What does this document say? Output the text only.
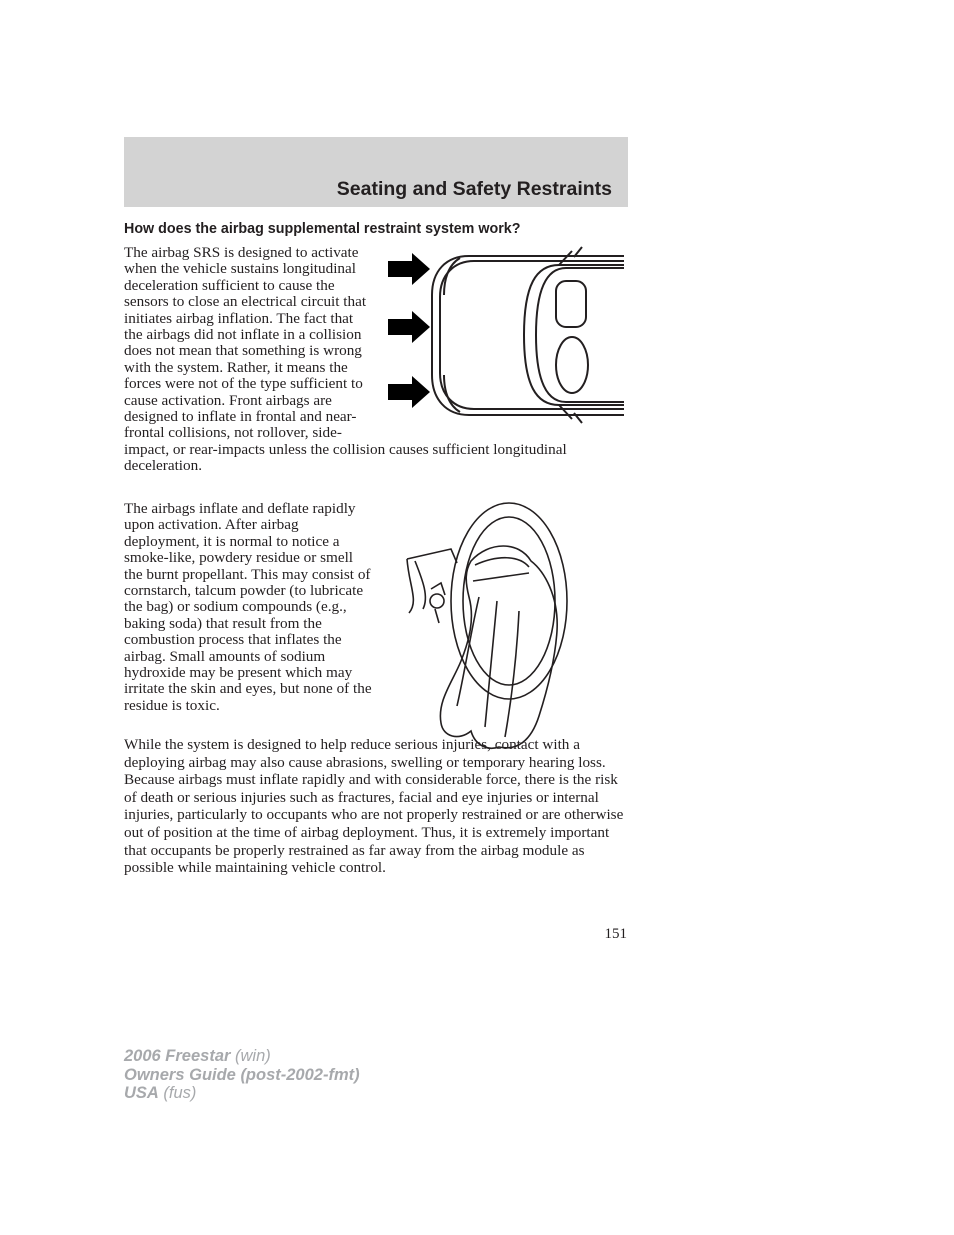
Seating and Safety Restraints
How does the airbag supplemental restraint system work?
The airbag SRS is designed to activate when the vehicle sustains longitudinal deceleration sufficient to cause the sensors to close an electrical circuit that initiates airbag inflation. The fact that the airbags did not inflate in a collision does not mean that something is wrong with the system. Rather, it means the forces were not of the type sufficient to cause activation. Front airbags are designed to inflate in frontal and near-frontal collisions, not rollover, side-impact, or rear-impacts unless the collision causes sufficient longitudinal deceleration.
The airbags inflate and deflate rapidly upon activation. After airbag deployment, it is normal to notice a smoke-like, powdery residue or smell the burnt propellant. This may consist of cornstarch, talcum powder (to lubricate the bag) or sodium compounds (e.g., baking soda) that result from the combustion process that inflates the airbag. Small amounts of sodium hydroxide may be present which may irritate the skin and eyes, but none of the residue is toxic.
While the system is designed to help reduce serious injuries, contact with a deploying airbag may also cause abrasions, swelling or temporary hearing loss. Because airbags must inflate rapidly and with considerable force, there is the risk of death or serious injuries such as fractures, facial and eye injuries or internal injuries, particularly to occupants who are not properly restrained or are otherwise out of position at the time of airbag deployment. Thus, it is extremely important that occupants be properly restrained as far away from the airbag module as possible while maintaining vehicle control.
151
2006 Freestar (win)
Owners Guide (post-2002-fmt)
USA (fus)
